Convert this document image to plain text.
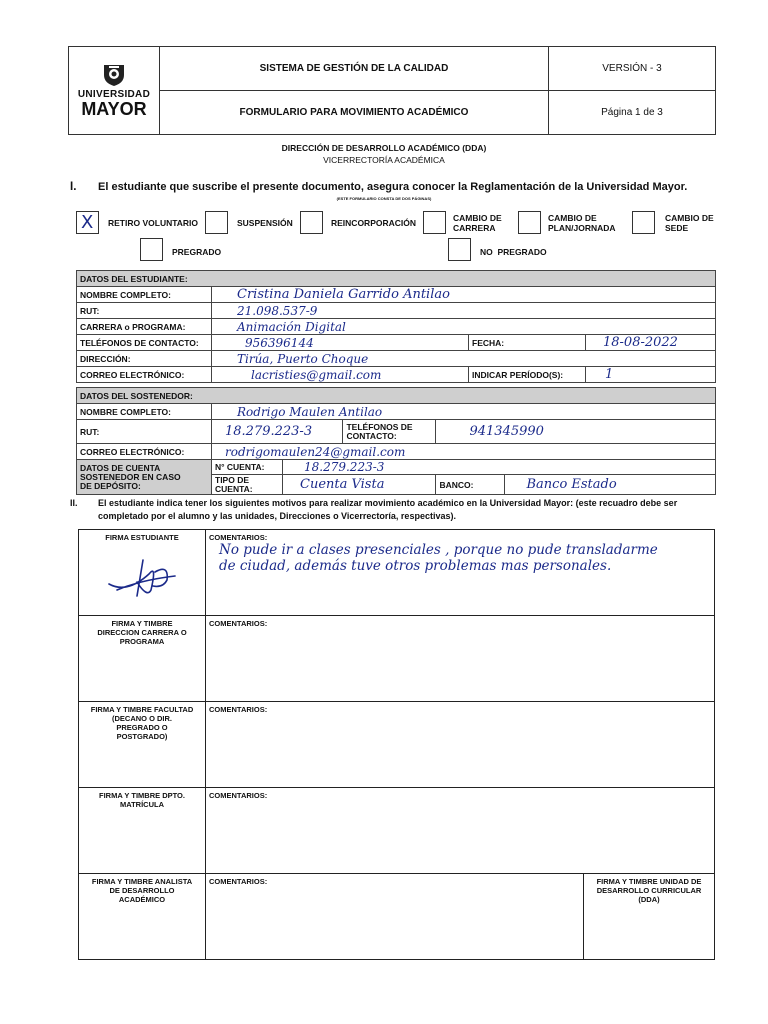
UNIVERSIDAD
MAYOR	SISTEMA DE GESTIÓN DE LA CALIDAD	VERSIÓN - 3
	FORMULARIO PARA MOVIMIENTO ACADÉMICO	Página 1 de 3
DIRECCIÓN DE DESARROLLO ACADÉMICO (DDA)
VICERRECTORÍA ACADÉMICA
I. El estudiante que suscribe el presente documento, asegura conocer la Reglamentación de la Universidad Mayor.
(ESTE FORMULARIO CONSTA DE DOS PÁGINAS)
X RETIRO VOLUNTARIO	SUSPENSIÓN	REINCORPORACIÓN	CAMBIO DE
CARRERA
CAMBIO DE
PLAN/JORNADA
CAMBIO DE
SEDE
PREGRADO	NO  PREGRADO
DATOS DEL ESTUDIANTE:			
NOMBRE COMPLETO:	Cristina Daniela Garrido Antilao		
RUT:	21.098.537-9		
CARRERA o PROGRAMA:	Animación Digital		
TELÉFONOS DE CONTACTO:	956396144	FECHA:	18-08-2022
DIRECCIÓN:	Tirúa, Puerto Choque		
CORREO ELECTRÓNICO:	lacristies@gmail.com	INDICAR PERÍODO(S):	1
DATOS DEL SOSTENEDOR:					
NOMBRE COMPLETO:	Rodrigo Maulen Antilao				
RUT:	18.279.223-3		TELÉFONOS DE
CONTACTO:	941345990	
CORREO ELECTRÓNICO:	rodrigomaulen24@gmail.com				

DATOS DE CUENTA
SOSTENEDOR EN CASO
DE DEPÓSITO:	N° CUENTA:	18.279.223-3			

	TIPO DE
CUENTA:	Cuenta Vista		BANCO:	Banco Estado
II. El estudiante indica tener los siguientes motivos para realizar movimiento académico en la Universidad Mayor: (este recuadro debe ser completado por el alumno y las unidades, Direcciones o Vicerrectoría, respectivas).
FIRMA ESTUDIANTE	COMENTARIOS:
No pude ir a clases presenciales , porque no pude transladarme
de ciudad, además tuve otros problemas mas personales.	

FIRMA Y TIMBRE DIRECCION CARRERA O PROGRAMA	COMENTARIOS:	

FIRMA Y TIMBRE FACULTAD (DECANO O DIR. PREGRADO O POSTGRADO)	COMENTARIOS:	

FIRMA Y TIMBRE DPTO. MATRÍCULA	COMENTARIOS:	

FIRMA Y TIMBRE ANALISTA DE DESARROLLO ACADÉMICO	COMENTARIOS:	FIRMA Y TIMBRE UNIDAD DE DESARROLLO CURRICULAR (DDA)
